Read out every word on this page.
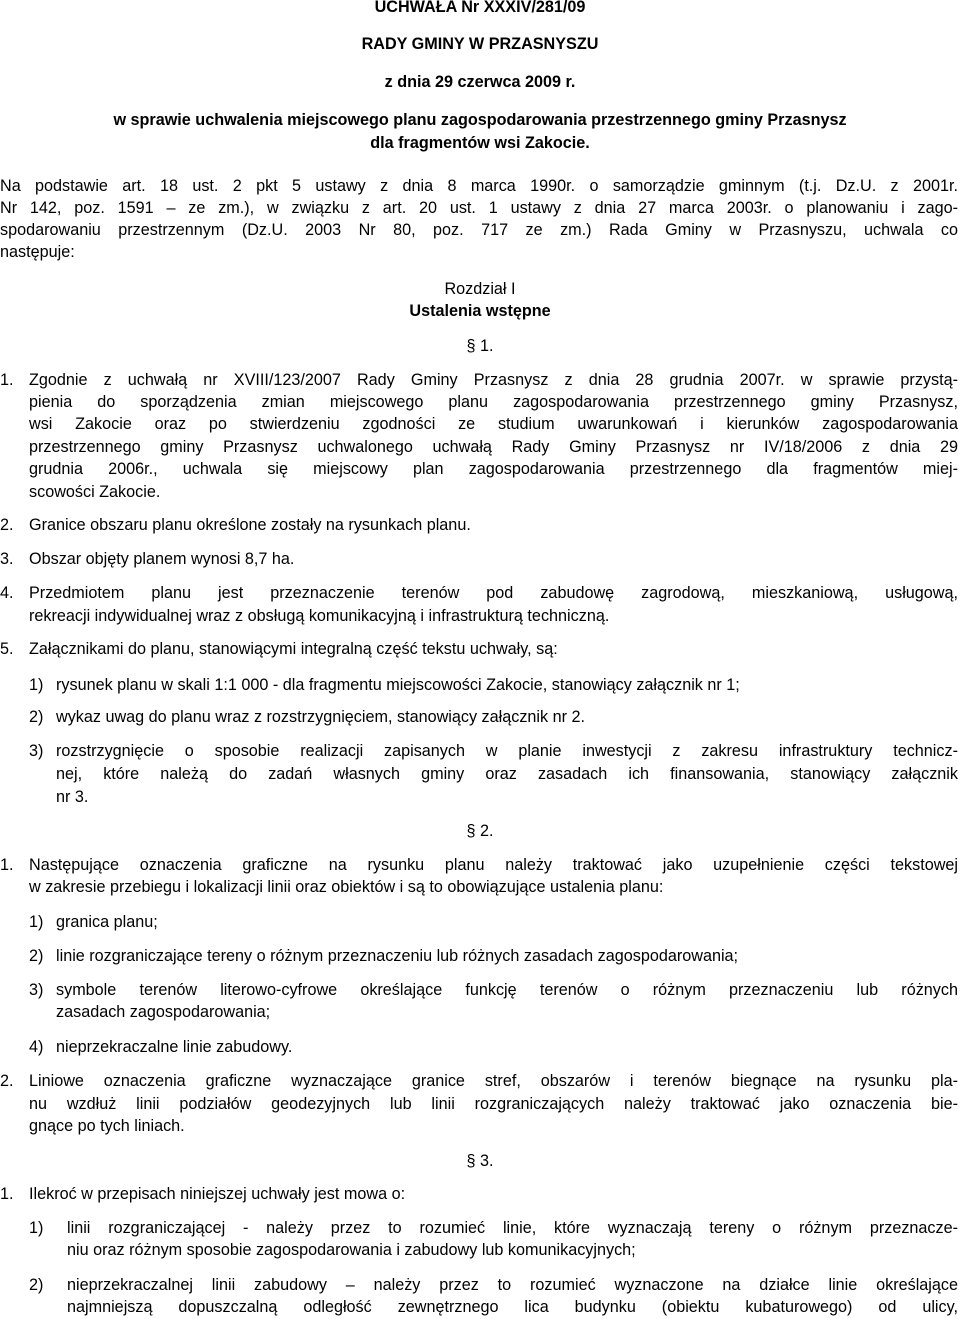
UCHWAŁA Nr XXXIV/281/09
RADY GMINY W PRZASNYSZU
z dnia 29 czerwca 2009 r.
w sprawie uchwalenia miejscowego planu zagospodarowania przestrzennego gminy Przasnysz
dla fragmentów wsi Zakocie.
Na podstawie art. 18 ust. 2 pkt 5 ustawy z dnia 8 marca 1990r. o samorządzie gminnym (t.j. Dz.U. z 2001r.
Nr 142, poz. 1591 – ze zm.), w związku z art. 20 ust. 1 ustawy z dnia 27 marca 2003r. o planowaniu i zago-
spodarowaniu przestrzennym (Dz.U. 2003 Nr 80, poz. 717 ze zm.) Rada Gminy w Przasnyszu, uchwala co
następuje:
Rozdział I
Ustalenia wstępne
§ 1.
1. Zgodnie z uchwałą nr XVIII/123/2007 Rady Gminy Przasnysz z dnia 28 grudnia 2007r. w sprawie przystą-
pienia do sporządzenia zmian miejscowego planu zagospodarowania przestrzennego gminy Przasnysz,
wsi Zakocie oraz po stwierdzeniu zgodności ze studium uwarunkowań i kierunków zagospodarowania
przestrzennego gminy Przasnysz uchwalonego uchwałą Rady Gminy Przasnysz nr IV/18/2006 z dnia 29
grudnia 2006r., uchwala się miejscowy plan zagospodarowania przestrzennego dla fragmentów miej-
scowości Zakocie.
2. Granice obszaru planu określone zostały na rysunkach planu.
3. Obszar objęty planem wynosi 8,7 ha.
4. Przedmiotem planu jest przeznaczenie terenów pod zabudowę zagrodową, mieszkaniową, usługową,
rekreacji indywidualnej wraz z obsługą komunikacyjną i infrastrukturą techniczną.
5. Załącznikami do planu, stanowiącymi integralną część tekstu uchwały, są:
1) rysunek planu w skali 1:1 000 - dla fragmentu miejscowości Zakocie, stanowiący załącznik nr 1;
2) wykaz uwag do planu wraz z rozstrzygnięciem, stanowiący załącznik nr 2.
3) rozstrzygnięcie o sposobie realizacji zapisanych w planie inwestycji z zakresu infrastruktury technicz-
nej, które należą do zadań własnych gminy oraz zasadach ich finansowania, stanowiący załącznik
nr 3.
§ 2.
1. Następujące oznaczenia graficzne na rysunku planu należy traktować jako uzupełnienie części tekstowej
w zakresie przebiegu i lokalizacji linii oraz obiektów i są to obowiązujące ustalenia planu:
1) granica planu;
2) linie rozgraniczające tereny o różnym przeznaczeniu lub różnych zasadach zagospodarowania;
3) symbole terenów literowo-cyfrowe określające funkcję terenów o różnym przeznaczeniu lub różnych
zasadach zagospodarowania;
4) nieprzekraczalne linie zabudowy.
2. Liniowe oznaczenia graficzne wyznaczające granice stref, obszarów i terenów biegnące na rysunku pla-
nu wzdłuż linii podziałów geodezyjnych lub linii rozgraniczających należy traktować jako oznaczenia bie-
gnące po tych liniach.
§ 3.
1. Ilekroć w przepisach niniejszej uchwały jest mowa o:
1) linii rozgraniczającej - należy przez to rozumieć linie, które wyznaczają tereny o różnym przeznacze-
niu oraz różnym sposobie zagospodarowania i zabudowy lub komunikacyjnych;
2) nieprzekraczalnej linii zabudowy – należy przez to rozumieć wyznaczone na działce linie określające
najmniejszą dopuszczalną odległość zewnętrznego lica budynku (obiektu kubaturowego) od ulicy,
